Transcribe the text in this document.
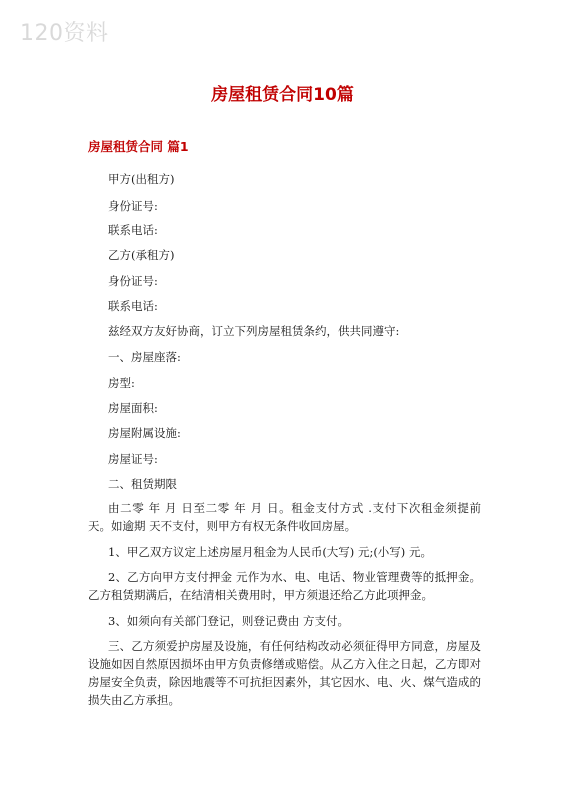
120资料
房屋租赁合同10篇
房屋租赁合同 篇1
甲方(出租方)
身份证号:
联系电话:
乙方(承租方)
身份证号:
联系电话:
兹经双方友好协商，订立下列房屋租赁条约，供共同遵守:
一、房屋座落:
房型:
房屋面积:
房屋附属设施:
房屋证号:
二、租赁期限
由二零 年 月 日至二零 年 月 日。租金支付方式 .支付下次租金须提前天。如逾期 天不支付，则甲方有权无条件收回房屋。
1、甲乙双方议定上述房屋月租金为人民币(大写) 元;(小写) 元。
2、乙方向甲方支付押金 元作为水、电、电话、物业管理费等的抵押金。乙方租赁期满后，在结清相关费用时，甲方须退还给乙方此项押金。
3、如须向有关部门登记，则登记费由 方支付。
三、乙方须爱护房屋及设施，有任何结构改动必须征得甲方同意，房屋及设施如因自然原因损坏由甲方负责修缮或赔偿。从乙方入住之日起，乙方即对房屋安全负责，除因地震等不可抗拒因素外，其它因水、电、火、煤气造成的损失由乙方承担。
